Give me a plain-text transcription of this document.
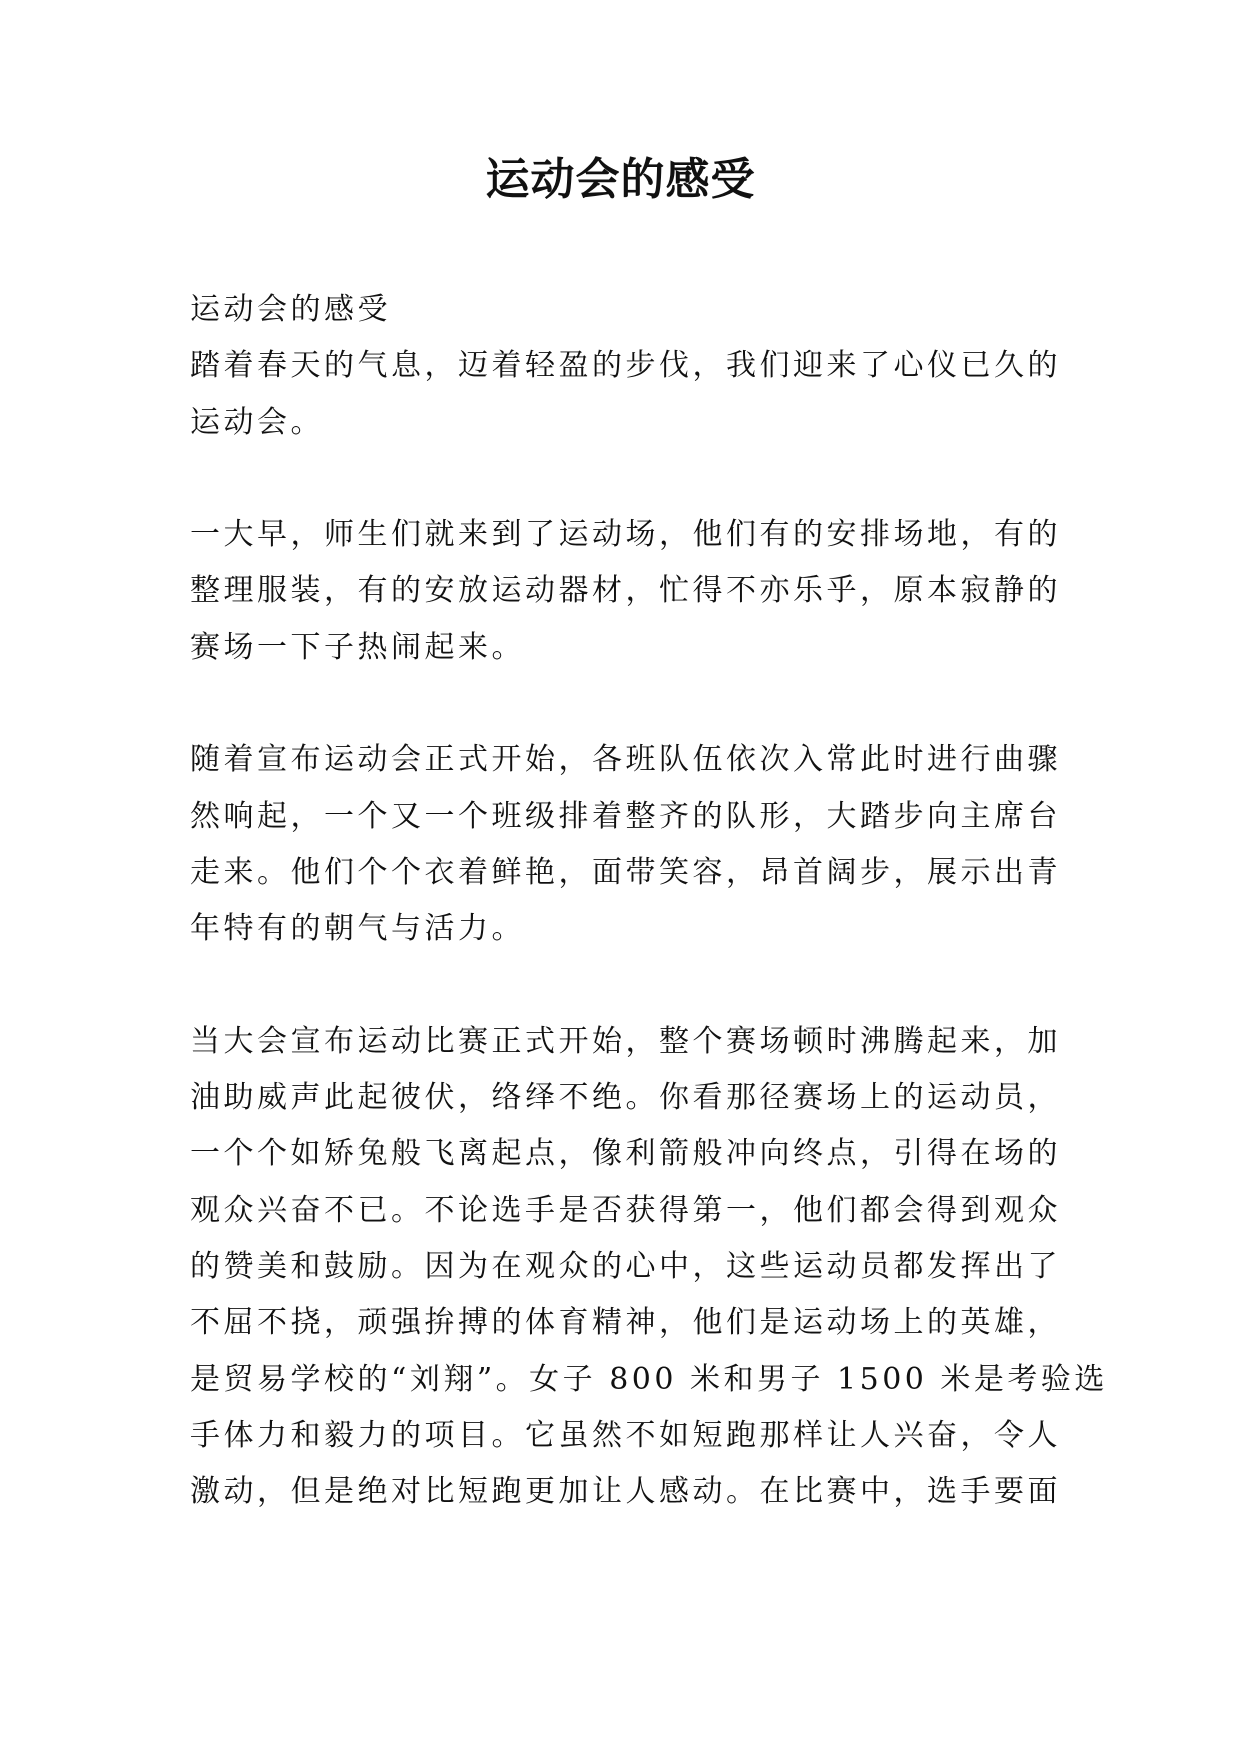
运动会的感受
运动会的感受
踏着春天的气息，迈着轻盈的步伐，我们迎来了心仪已久的
运动会。
一大早，师生们就来到了运动场，他们有的安排场地，有的
整理服装，有的安放运动器材，忙得不亦乐乎，原本寂静的
赛场一下子热闹起来。
随着宣布运动会正式开始，各班队伍依次入常此时进行曲骤
然响起，一个又一个班级排着整齐的队形，大踏步向主席台
走来。他们个个衣着鲜艳，面带笑容，昂首阔步，展示出青
年特有的朝气与活力。
当大会宣布运动比赛正式开始，整个赛场顿时沸腾起来，加
油助威声此起彼伏，络绎不绝。你看那径赛场上的运动员，
一个个如矫兔般飞离起点，像利箭般冲向终点，引得在场的
观众兴奋不已。不论选手是否获得第一，他们都会得到观众
的赞美和鼓励。因为在观众的心中，这些运动员都发挥出了
不屈不挠，顽强拚搏的体育精神，他们是运动场上的英雄，
是贸易学校的“刘翔”。女子 800 米和男子 1500 米是考验选
手体力和毅力的项目。它虽然不如短跑那样让人兴奋，令人
激动，但是绝对比短跑更加让人感动。在比赛中，选手要面
